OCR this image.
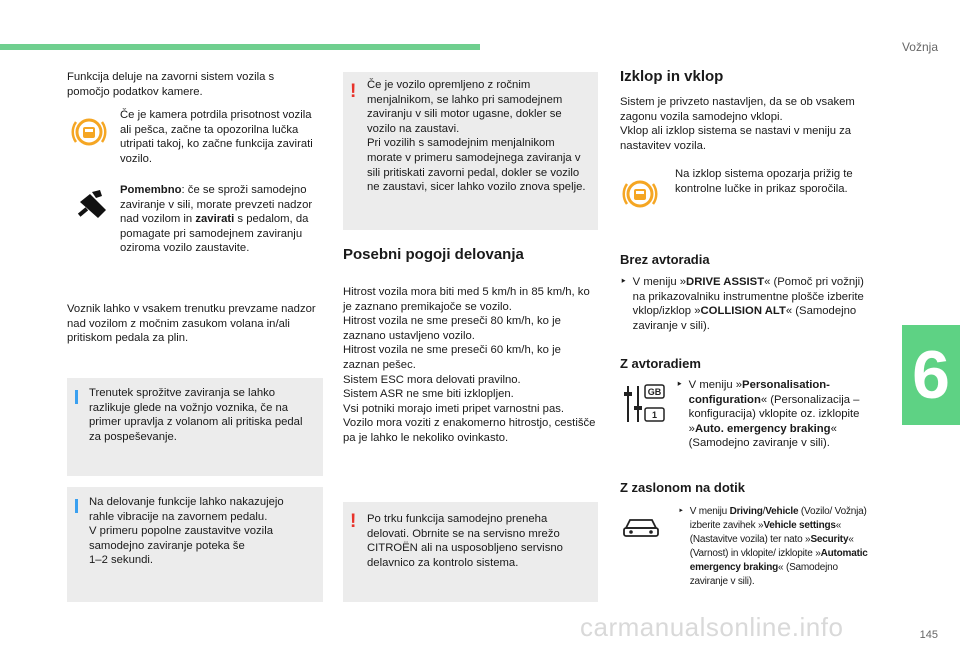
Vožnja
6
145

Funkcija deluje na zavorni sistem vozila s pomočjo podatkov kamere.

Če je kamera potrdila prisotnost vozila ali pešca, začne ta opozorilna lučka utripati takoj, ko začne funkcija zavirati vozilo.

Pomembno: če se sproži samodejno zaviranje v sili, morate prevzeti nadzor nad vozilom in zavirati s pedalom, da pomagate pri samodejnem zaviranju oziroma vozilo zaustavite.

Voznik lahko v vsakem trenutku prevzame nadzor nad vozilom z močnim zasukom volana in/ali pritiskom pedala za plin.

Trenutek sprožitve zaviranja se lahko razlikuje glede na vožnjo voznika, če na primer upravlja z volanom ali pritiska pedal za pospeševanje.

Na delovanje funkcije lahko nakazujejo rahle vibracije na zavornem pedalu.
V primeru popolne zaustavitve vozila samodejno zaviranje poteka še
1–2 sekundi.

! Če je vozilo opremljeno z ročnim menjalnikom, se lahko pri samodejnem zaviranju v sili motor ugasne, dokler se vozilo na zaustavi.
Pri vozilih s samodejnim menjalnikom morate v primeru samodejnega zaviranja v sili pritiskati zavorni pedal, dokler se vozilo ne zaustavi, sicer lahko vozilo znova spelje.

Posebni pogoji delovanja

Hitrost vozila mora biti med 5 km/h in 85 km/h, ko je zaznano premikajoče se vozilo.
Hitrost vozila ne sme preseči 80 km/h, ko je zaznano ustavljeno vozilo.
Hitrost vozila ne sme preseči 60 km/h, ko je zaznan pešec.
Sistem ESC mora delovati pravilno.
Sistem ASR ne sme biti izklopljen.
Vsi potniki morajo imeti pripet varnostni pas.
Vozilo mora voziti z enakomerno hitrostjo, cestišče pa je lahko le nekoliko ovinkasto.

! Po trku funkcija samodejno preneha delovati. Obrnite se na servisno mrežo CITROËN ali na usposobljeno servisno delavnico za kontrolo sistema.

Izklop in vklop

Sistem je privzeto nastavljen, da se ob vsakem zagonu vozila samodejno vklopi.
Vklop ali izklop sistema se nastavi v meniju za nastavitev vozila.

Na izklop sistema opozarja prižig te kontrolne lučke in prikaz sporočila.

Brez avtoradia
‣ V meniju »DRIVE ASSIST« (Pomoč pri vožnji) na prikazovalniku instrumentne plošče izberite vklop/izklop »COLLISION ALT« (Samodejno zaviranje v sili).
Z avtoradiem
GB
1
‣ V meniju »Personalisation-configuration« (Personalizacija – konfiguracija) vklopite oz. izklopite »Auto. emergency braking« (Samodejno zaviranje v sili).
Z zaslonom na dotik
‣ V meniju Driving/Vehicle (Vozilo/ Vožnja) izberite zavihek »Vehicle settings« (Nastavitve vozila) ter nato »Security« (Varnost) in vklopite/ izklopite »Automatic emergency braking« (Samodejno zaviranje v sili).
carmanualsonline.info
